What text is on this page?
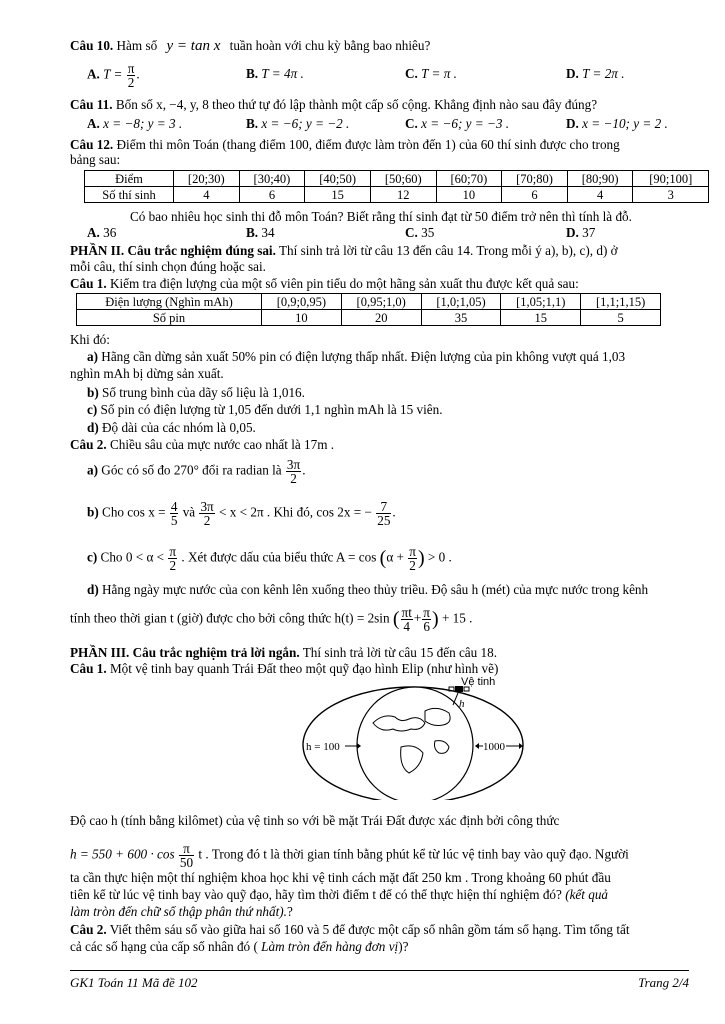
Câu 10. Hàm số y = tan x tuần hoàn với chu kỳ bằng bao nhiêu?
A. $T = \frac{\pi}{2}$ .	B. T = 4π .	C. T = π .	D. T = 2π .
Câu 11. Bốn số x, −4, y, 8 theo thứ tự đó lập thành một cấp số cộng. Khẳng định nào sau đây đúng?
A. x = −8; y = 3 .	B. x = −6; y = −2 .	C. x = −6; y = −3 .	D. x = −10; y = 2 .
Câu 12. Điểm thi môn Toán (thang điểm 100, điểm được làm tròn đến 1) của 60 thí sinh được cho trong
bảng sau:
Điểm	[20;30)	[30;40)	[40;50)	[50;60)	[60;70)	[70;80)	[80;90)	[90;100]
Số thí sinh	4	6	15	12	10	6	4	3
Có bao nhiêu học sinh thi đỗ môn Toán? Biết rằng thí sinh đạt từ 50 điểm trở nên thì tính là đỗ.
A. 36	B. 34	C. 35	D. 37
PHẦN II. Câu trắc nghiệm đúng sai. Thí sinh trả lời từ câu 13 đến câu 14. Trong mỗi ý a), b), c), d) ở
mỗi câu, thí sinh chọn đúng hoặc sai.
Câu 1. Kiểm tra điện lượng của một số viên pin tiểu do một hãng sản xuất thu được kết quả sau:
Điện lượng (Nghìn mAh)	[0,9;0,95)	[0,95;1,0)	[1,0;1,05)	[1,05;1,1)	[1,1;1,15)
Số pin	10	20	35	15	5
Khi đó:
a) Hãng cần dừng sản xuất 50% pin có điện lượng thấp nhất. Điện lượng của pin không vượt quá 1,03
nghìn mAh bị dừng sản xuất.
b) Số trung bình của dãy số liệu là 1,016.
c) Số pin có điện lượng từ 1,05 đến dưới 1,1 nghìn mAh là 15 viên.
d) Độ dài của các nhóm là 0,05.
Câu 2. Chiều sâu của mực nước cao nhất là 17m .
a) Góc có số đo 270° đổi ra radian là $\frac{3\pi}{2}$ .
b) Cho $\cos x = \frac{4}{5}$ và $\frac{3\pi}{2} < x < 2\pi$ . Khi đó, cos 2x = − $\frac{7}{25}$ .
c) Cho $0 < \alpha < \frac{\pi}{2}$ . Xét được dấu của biểu thức $A = \cos (\alpha + \frac{\pi}{2}$ ) > 0 .
d) Hằng ngày mực nước của con kênh lên xuống theo thủy triều. Độ sâu h (mét) của mực nước trong kênh
tính theo thời gian t (giờ) được cho bởi công thức h(t) = 2sin ( $\frac{\pi t}{4} + \frac{\pi}{6}$ ) + 15 .
PHẦN III. Câu trắc nghiệm trả lời ngắn. Thí sinh trả lời từ câu 15 đến câu 18.
Câu 1. Một vệ tinh bay quanh Trái Đất theo một quỹ đạo hình Elip (như hình vẽ)
Vệ tinh
h
h = 100	1000
Độ cao h (tính bằng kilômet) của vệ tinh so với bề mặt Trái Đất được xác định bởi công thức
$h = 550 + 600 \cdot \cos \frac{\pi}{50}$ t . Trong đó t là thời gian tính bằng phút kể từ lúc vệ tinh bay vào quỹ đạo. Người
ta cần thực hiện một thí nghiệm khoa học khi vệ tinh cách mặt đất 250 km . Trong khoảng 60 phút đầu
tiên kể từ lúc vệ tinh bay vào quỹ đạo, hãy tìm thời điểm t để có thể thực hiện thí nghiệm đó? (kết quả
làm tròn đến chữ số thập phân thứ nhất).?
Câu 2. Viết thêm sáu số vào giữa hai số 160 và 5 để được một cấp số nhân gồm tám số hạng. Tìm tổng tất
cả các số hạng của cấp số nhân đó ( Làm tròn đến hàng đơn vị)?
GK1 Toán 11 Mã đề 102	Trang 2/4
